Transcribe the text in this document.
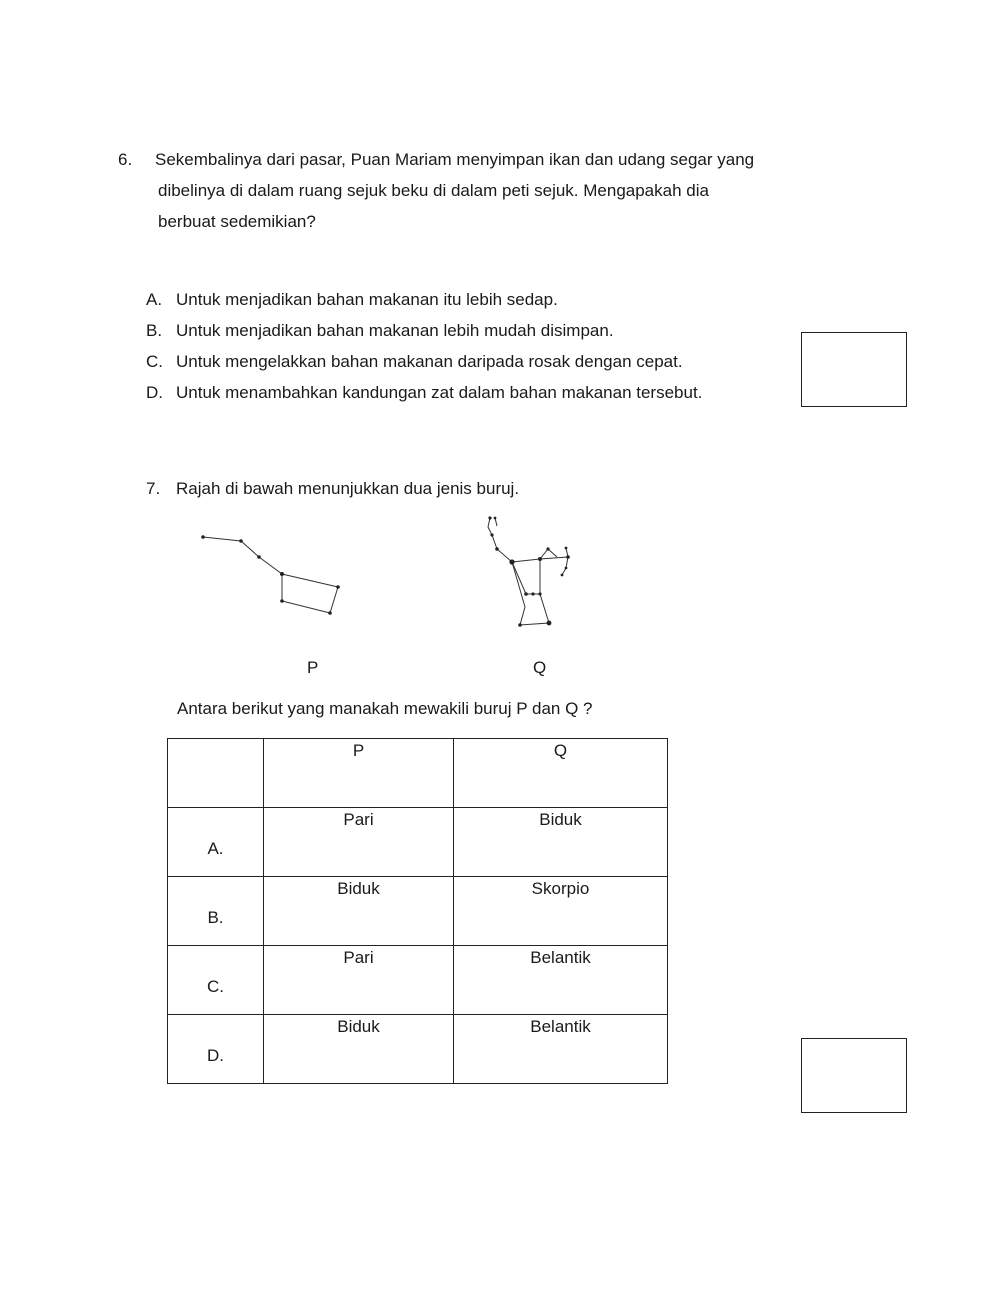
6. Sekembalinya dari pasar, Puan Mariam menyimpan ikan dan udang segar yang
dibelinya di dalam ruang sejuk beku di dalam peti sejuk. Mengapakah dia
berbuat sedemikian?
A. Untuk menjadikan bahan makanan itu lebih sedap.
B. Untuk menjadikan bahan makanan lebih mudah disimpan.
C. Untuk mengelakkan bahan makanan daripada rosak dengan cepat.
D. Untuk menambahkan kandungan zat dalam bahan makanan tersebut.
7. Rajah di bawah menunjukkan dua jenis buruj.
P	Q
Antara berikut yang manakah mewakili buruj P dan Q ?

	P	Q

A.	Pari	Biduk

B.	Biduk	Skorpio

C.	Pari	Belantik

D.	Biduk	Belantik
